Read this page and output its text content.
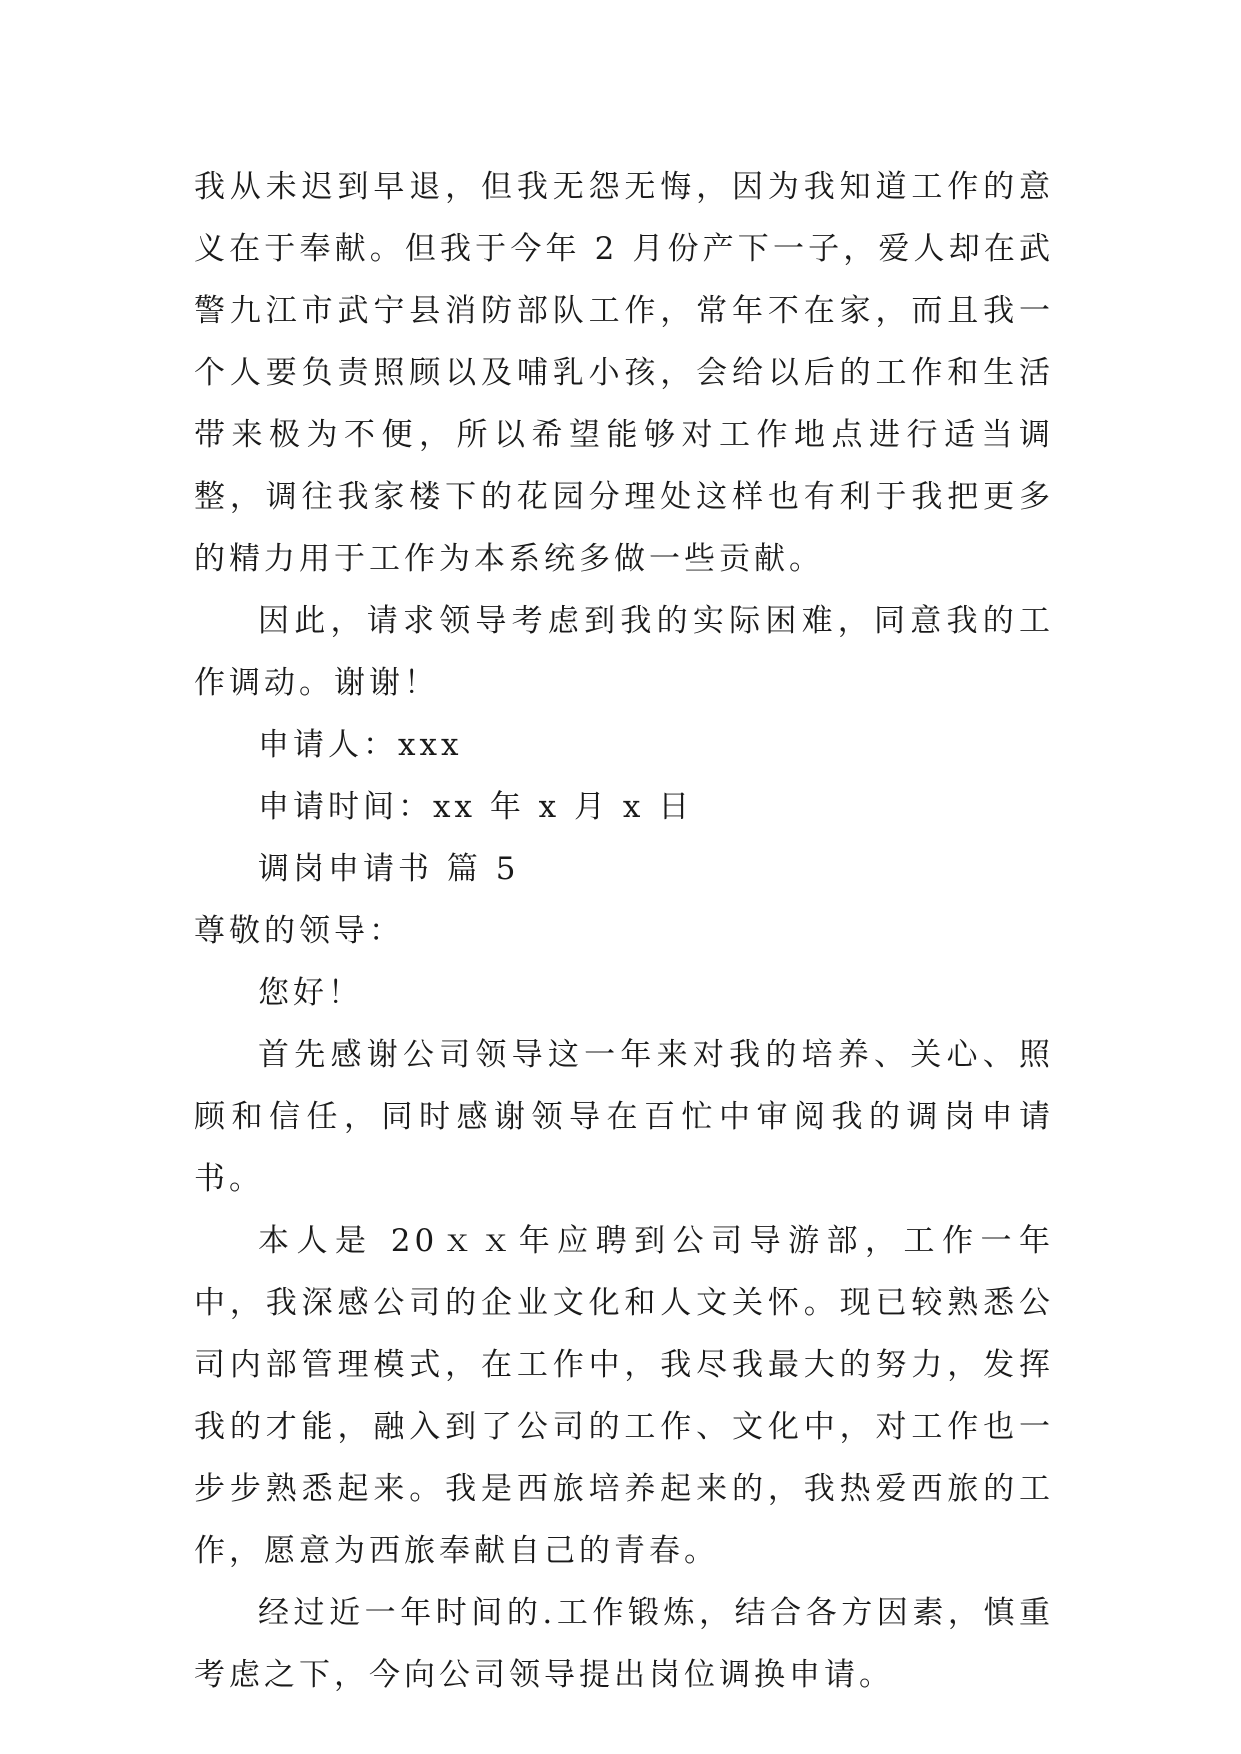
我从未迟到早退，但我无怨无悔，因为我知道工作的意义在于奉献。但我于今年 2 月份产下一子，爱人却在武警九江市武宁县消防部队工作，常年不在家，而且我一个人要负责照顾以及哺乳小孩，会给以后的工作和生活带来极为不便，所以希望能够对工作地点进行适当调整，调往我家楼下的花园分理处这样也有利于我把更多的精力用于工作为本系统多做一些贡献。

因此，请求领导考虑到我的实际困难，同意我的工作调动。谢谢！

申请人：xxx

申请时间：xx 年 x 月 x 日

调岗申请书 篇 5

尊敬的领导：

您好！

首先感谢公司领导这一年来对我的培养、关心、照顾和信任，同时感谢领导在百忙中审阅我的调岗申请书。

本人是 20ｘｘ年应聘到公司导游部，工作一年中，我深感公司的企业文化和人文关怀。现已较熟悉公司内部管理模式，在工作中，我尽我最大的努力，发挥我的才能，融入到了公司的工作、文化中，对工作也一步步熟悉起来。我是西旅培养起来的，我热爱西旅的工作，愿意为西旅奉献自己的青春。

经过近一年时间的.工作锻炼，结合各方因素，慎重考虑之下，今向公司领导提出岗位调换申请。
